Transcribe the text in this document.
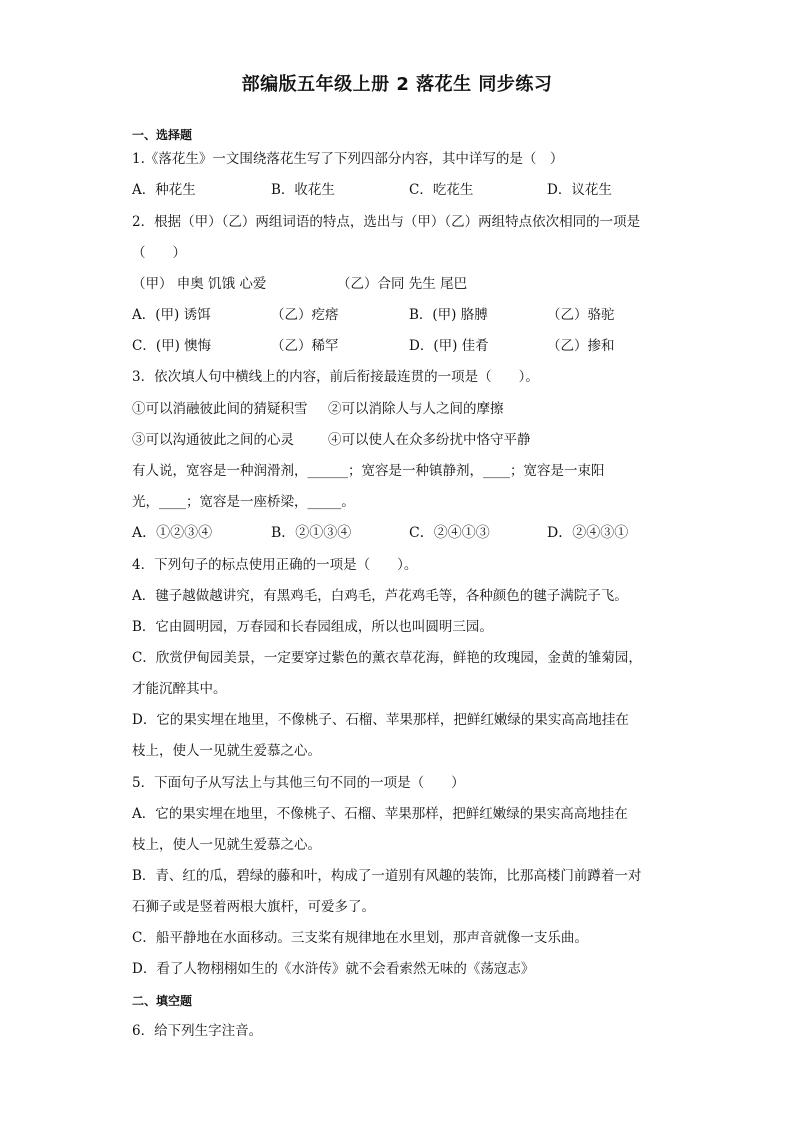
部编版五年级上册 2 落花生 同步练习
一、选择题
1.《落花生》一文围绕落花生写了下列四部分内容，其中详写的是（　）
A．种花生	B．收花生	C．吃花生	D．议花生
2．根据（甲）（乙）两组词语的特点，选出与（甲）（乙）两组特点依次相同的一项是
（　　）
（甲） 申奥 饥饿 心爱	（乙）合同 先生 尾巴
A．(甲) 诱饵	（乙）疙瘩	B．(甲) 胳膊	（乙）骆驼
C．(甲) 懊悔	（乙）稀罕	D．(甲) 佳肴	（乙）掺和
3．依次填人句中横线上的内容，前后衔接最连贯的一项是（　　）。
①可以消融彼此间的猜疑积雪 ②可以消除人与人之间的摩擦
③可以沟通彼此之间的心灵	④可以使人在众多纷扰中恪守平静
有人说，宽容是一种润滑剂，______；宽容是一种镇静剂，____；宽容是一束阳
光，____；宽容是一座桥梁，_____。
A．①②③④	B．②①③④	C．②④①③	D．②④③①
4．下列句子的标点使用正确的一项是（　　）。
A．毽子越做越讲究，有黑鸡毛，白鸡毛，芦花鸡毛等，各种颜色的毽子满院子飞。
B．它由圆明园，万春园和长春园组成，所以也叫圆明三园。
C．欣赏伊甸园美景，一定要穿过紫色的薰衣草花海，鲜艳的玫瑰园，金黄的雏菊园，
才能沉醉其中。
D．它的果实埋在地里，不像桃子、石榴、苹果那样，把鲜红嫩绿的果实高高地挂在
枝上，使人一见就生爱慕之心。
5．下面句子从写法上与其他三句不同的一项是（　　）
A．它的果实埋在地里，不像桃子、石榴、苹果那样，把鲜红嫩绿的果实高高地挂在
枝上，使人一见就生爱慕之心。
B．青、红的瓜，碧绿的藤和叶，构成了一道别有风趣的装饰，比那高楼门前蹲着一对
石狮子或是竖着两根大旗杆，可爱多了。
C．船平静地在水面移动。三支桨有规律地在水里划，那声音就像一支乐曲。
D．看了人物栩栩如生的《水浒传》就不会看索然无味的《荡寇志》
二、填空题
6．给下列生字注音。
